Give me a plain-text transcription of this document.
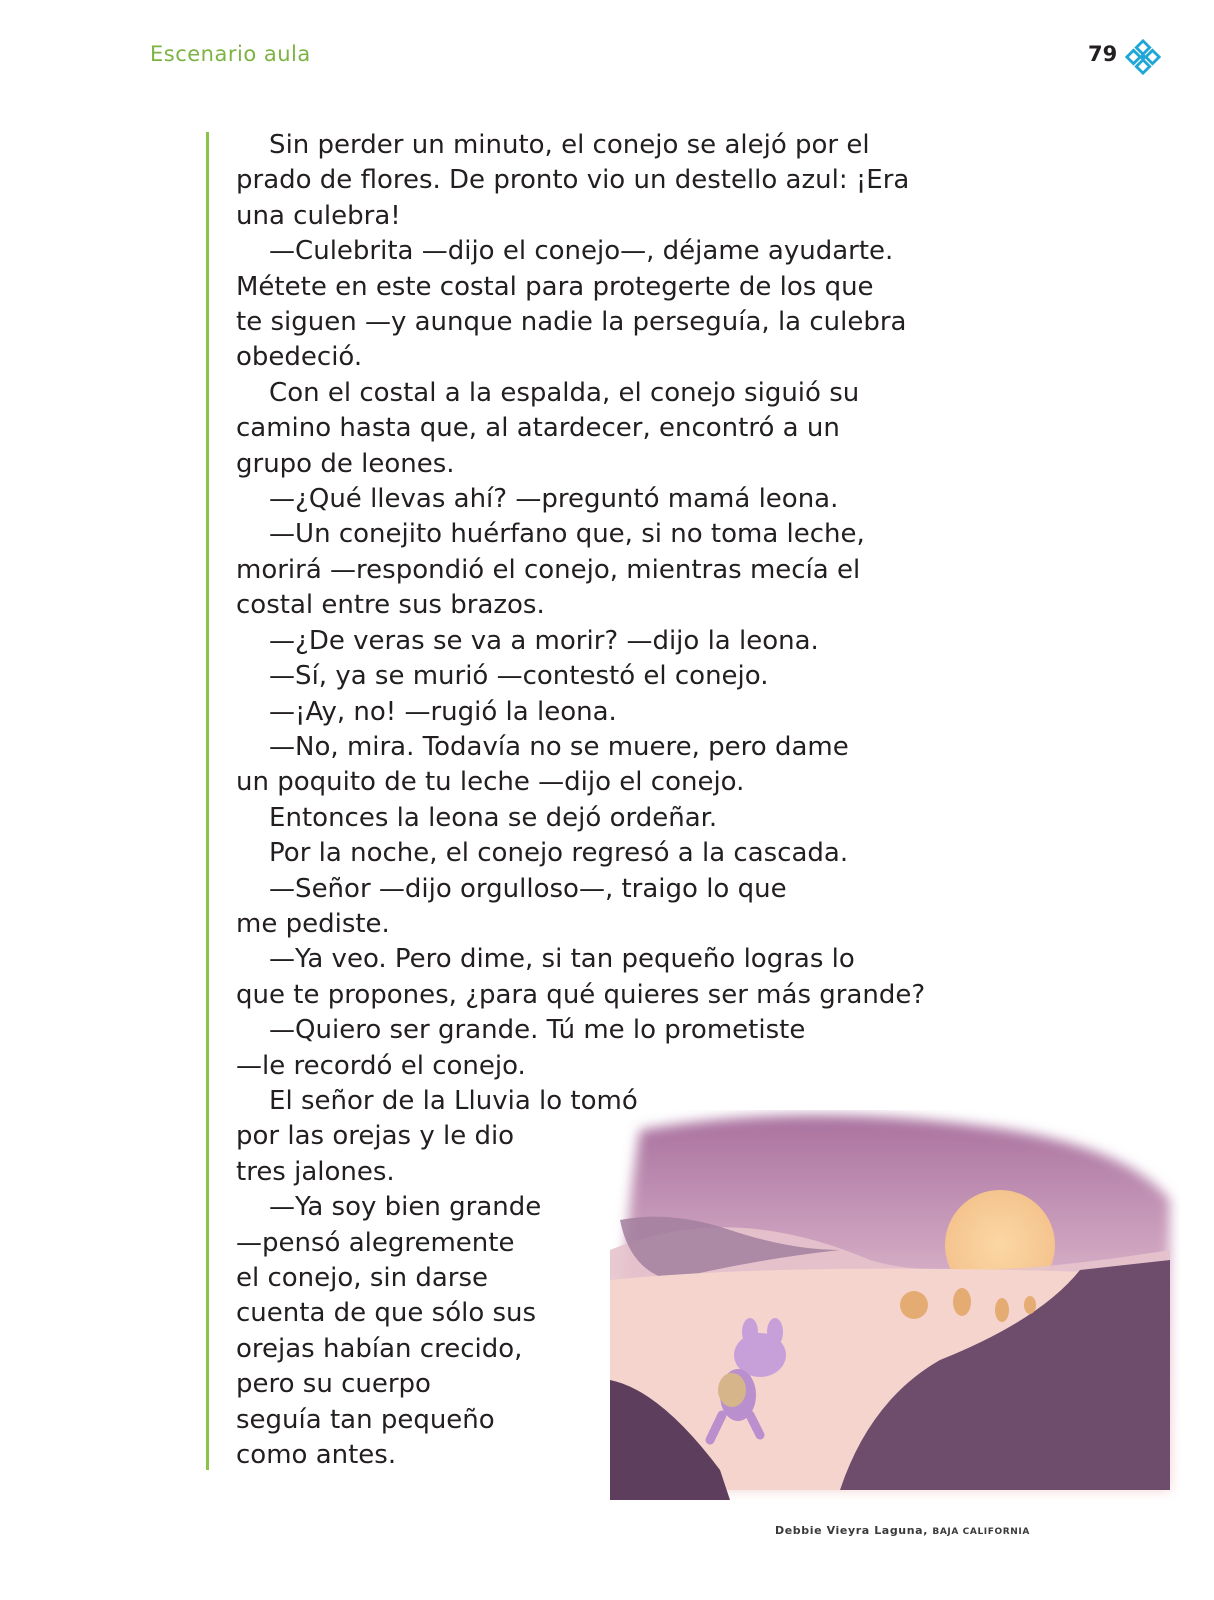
Escenario aula	79

Sin perder un minuto, el conejo se alejó por el

prado de flores. De pronto vio un destello azul: ¡Era

una culebra!

—Culebrita —dijo el conejo—, déjame ayudarte.

Métete en este costal para protegerte de los que

te siguen —y aunque nadie la perseguía, la culebra

obedeció.

Con el costal a la espalda, el conejo siguió su

camino hasta que, al atardecer, encontró a un

grupo de leones.

—¿Qué llevas ahí? —preguntó mamá leona.

—Un conejito huérfano que, si no toma leche,

morirá —respondió el conejo, mientras mecía el

costal entre sus brazos.

—¿De veras se va a morir? —dijo la leona.

—Sí, ya se murió —contestó el conejo.

—¡Ay, no! —rugió la leona.

—No, mira. Todavía no se muere, pero dame

un poquito de tu leche —dijo el conejo.

Entonces la leona se dejó ordeñar.

Por la noche, el conejo regresó a la cascada.

—Señor —dijo orgulloso—, traigo lo que

me pediste.

—Ya veo. Pero dime, si tan pequeño logras lo

que te propones, ¿para qué quieres ser más grande?

—Quiero ser grande. Tú me lo prometiste

—le recordó el conejo.

El señor de la Lluvia lo tomó

por las orejas y le dio

tres jalones.

—Ya soy bien grande

—pensó alegremente

el conejo, sin darse

cuenta de que sólo sus

orejas habían crecido,

pero su cuerpo

seguía tan pequeño

como antes.

Debbie Vieyra Laguna, BAJA CALIFORNIA
